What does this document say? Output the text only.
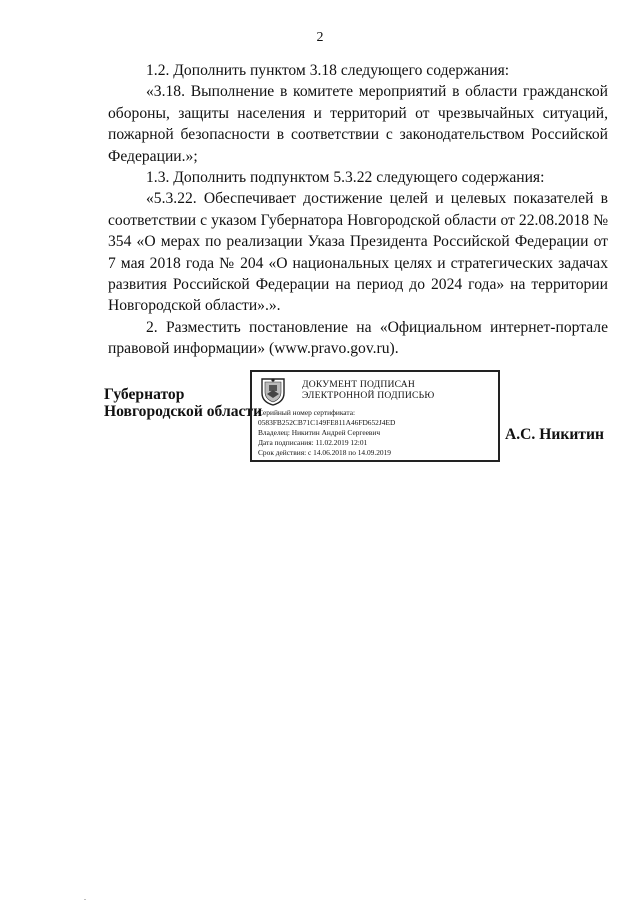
2

1.2. Дополнить пунктом 3.18 следующего содержания:

«3.18. Выполнение в комитете мероприятий в области гражданской обороны, защиты населения и территорий от чрезвычайных ситуаций, пожарной безопасности в соответствии с законодательством Российской Федерации.»;

1.3. Дополнить подпунктом 5.3.22 следующего содержания:

«5.3.22. Обеспечивает достижение целей и целевых показателей в соответствии с указом Губернатора Новгородской области от 22.08.2018 № 354 «О мерах по реализации Указа Президента Российской Федерации от 7 мая 2018 года № 204 «О национальных целях и стратегических задачах развития Российской Федерации на период до 2024 года» на территории Новгородской области».».

2. Разместить постановление на «Официальном интернет-портале правовой информации» (www.pravo.gov.ru).

Губернатор
Новгородской области
ДОКУМЕНТ ПОДПИСАН
ЭЛЕКТРОННОЙ ПОДПИСЬЮ
Серийный номер сертификата:
0583FB252CB71C149FE811A46FD652J4ED
Владелец: Никитин Андрей Сергеевич
Дата подписания: 11.02.2019 12:01
Срок действия: с 14.06.2018 по 14.09.2019
А.С. Никитин
.
